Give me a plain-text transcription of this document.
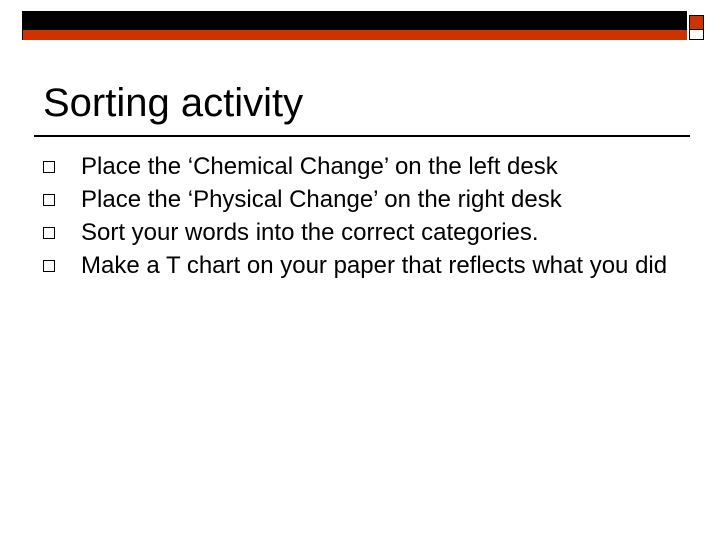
Sorting activity
Place the ‘Chemical Change’ on the left desk
Place the ‘Physical Change’ on the right desk
Sort your words into the correct categories.
Make a T chart on your paper that reflects what you did
